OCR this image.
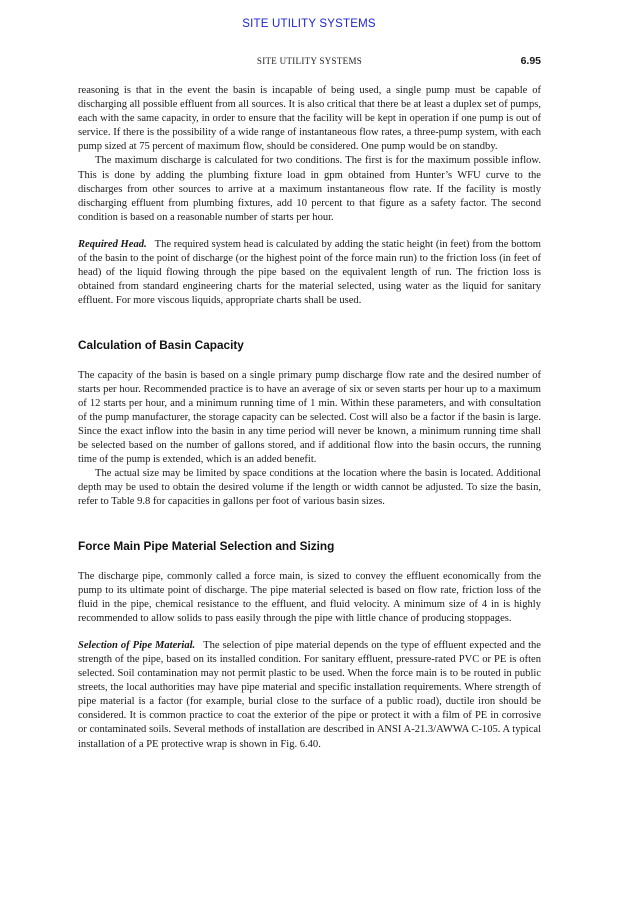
SITE UTILITY SYSTEMS
SITE UTILITY SYSTEMS	6.95

reasoning is that in the event the basin is incapable of being used, a single pump must be capable of discharging all possible effluent from all sources. It is also critical that there be at least a duplex set of pumps, each with the same capacity, in order to ensure that the facility will be kept in operation if one pump is out of service. If there is the possibility of a wide range of instantaneous flow rates, a three-pump system, with each pump sized at 75 percent of maximum flow, should be considered. One pump would be on standby.

The maximum discharge is calculated for two conditions. The first is for the maximum possible inflow. This is done by adding the plumbing fixture load in gpm obtained from Hunter’s WFU curve to the discharges from other sources to arrive at a maximum instantaneous flow rate. If the facility is mostly discharging effluent from plumbing fixtures, add 10 percent to that figure as a safety factor. The second condition is based on a reasonable number of starts per hour.

Required Head. The required system head is calculated by adding the static height (in feet) from the bottom of the basin to the point of discharge (or the highest point of the force main run) to the friction loss (in feet of head) of the liquid flowing through the pipe based on the equivalent length of run. The friction loss is obtained from standard engineering charts for the material selected, using water as the liquid for sanitary effluent. For more viscous liquids, appropriate charts shall be used.

Calculation of Basin Capacity

The capacity of the basin is based on a single primary pump discharge flow rate and the desired number of starts per hour. Recommended practice is to have an average of six or seven starts per hour up to a maximum of 12 starts per hour, and a minimum running time of 1 min. Within these parameters, and with consultation of the pump manufacturer, the storage capacity can be selected. Cost will also be a factor if the basin is large. Since the exact inflow into the basin in any time period will never be known, a minimum running time shall be selected based on the number of gallons stored, and if additional flow into the basin occurs, the running time of the pump is extended, which is an added benefit.

The actual size may be limited by space conditions at the location where the basin is located. Additional depth may be used to obtain the desired volume if the length or width cannot be adjusted. To size the basin, refer to Table 9.8 for capacities in gallons per foot of various basin sizes.

Force Main Pipe Material Selection and Sizing

The discharge pipe, commonly called a force main, is sized to convey the effluent economically from the pump to its ultimate point of discharge. The pipe material selected is based on flow rate, friction loss of the fluid in the pipe, chemical resistance to the effluent, and fluid velocity. A minimum size of 4 in is highly recommended to allow solids to pass easily through the pipe with little chance of producing stoppages.

Selection of Pipe Material. The selection of pipe material depends on the type of effluent expected and the strength of the pipe, based on its installed condition. For sanitary effluent, pressure-rated PVC or PE is often selected. Soil contamination may not permit plastic to be used. When the force main is to be routed in public streets, the local authorities may have pipe material and specific installation requirements. Where strength of pipe material is a factor (for example, burial close to the surface of a public road), ductile iron should be considered. It is common practice to coat the exterior of the pipe or protect it with a film of PE in corrosive or contaminated soils. Several methods of installation are described in ANSI A-21.3/AWWA C-105. A typical installation of a PE protective wrap is shown in Fig. 6.40.
